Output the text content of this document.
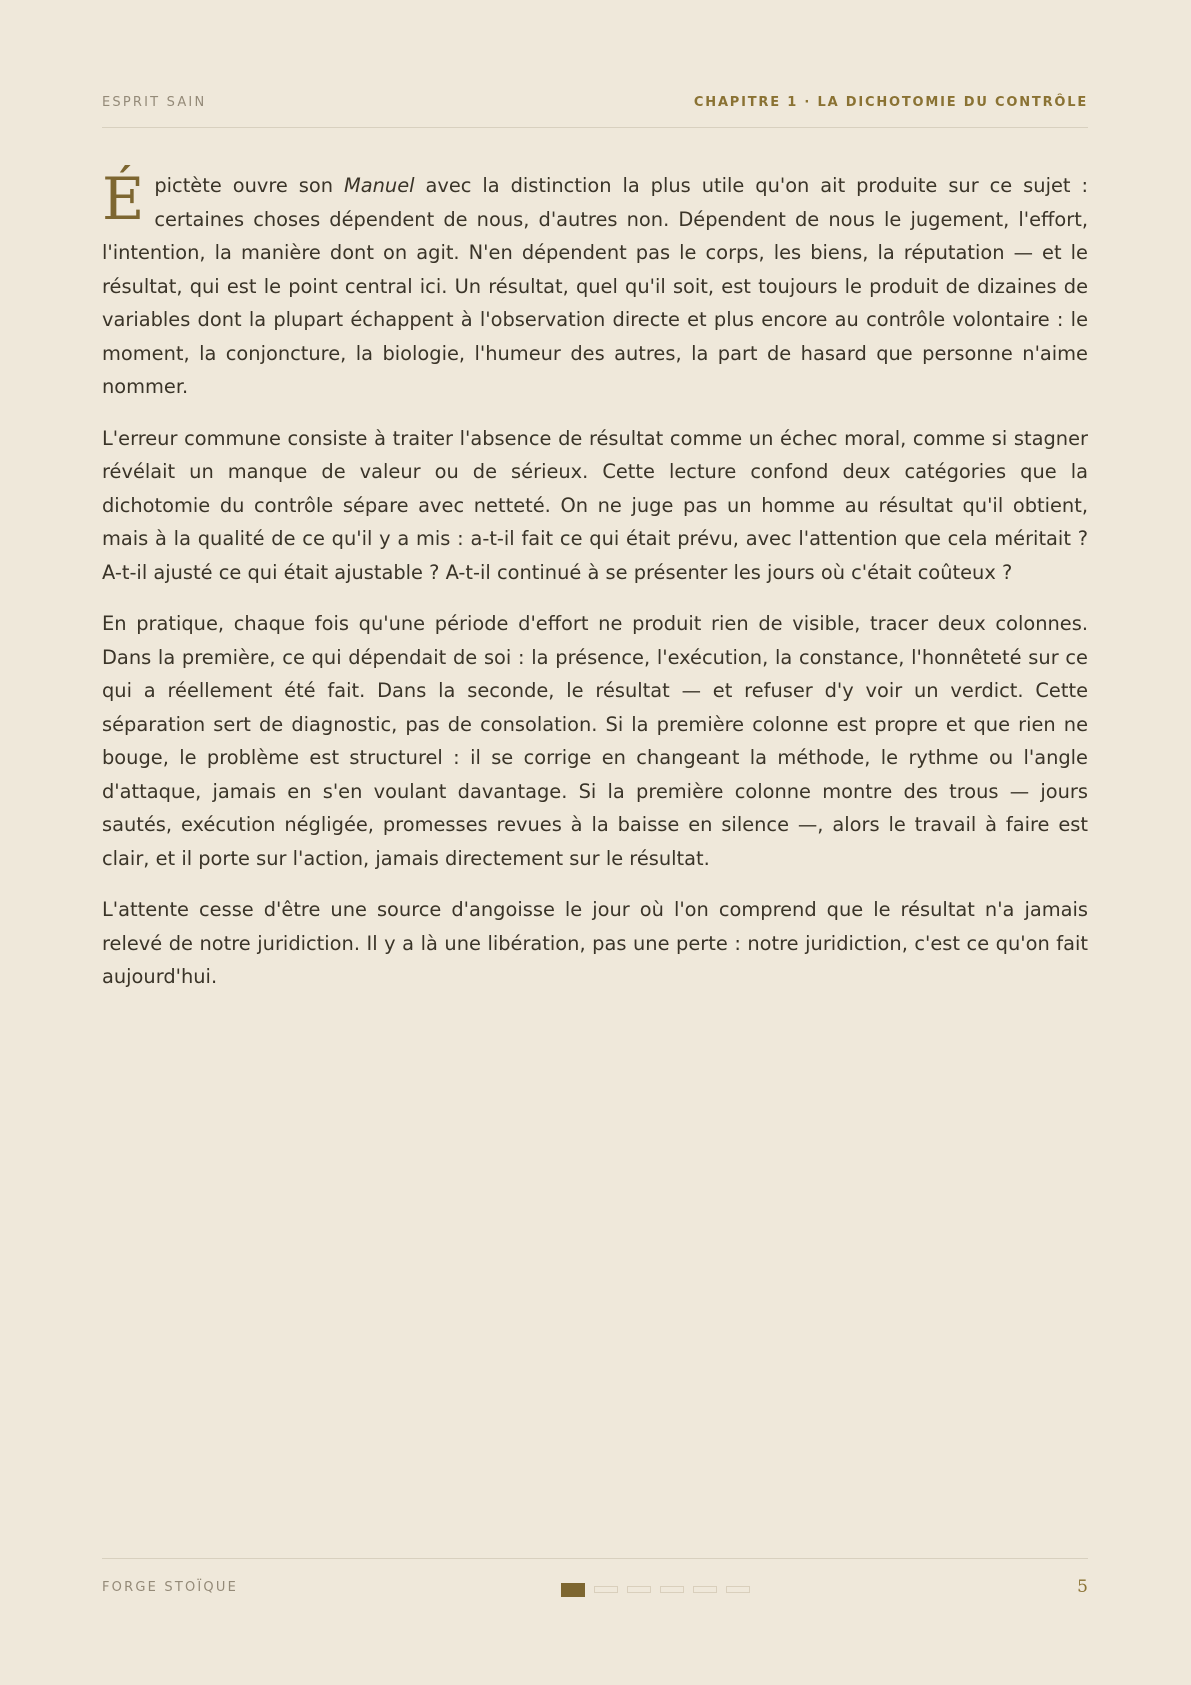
ESPRIT SAIN	CHAPITRE 1 · LA DICHOTOMIE DU CONTRÔLE

Épictète ouvre son Manuel avec la distinction la plus utile qu'on ait produite sur ce sujet : certaines choses dépendent de nous, d'autres non. Dépendent de nous le jugement, l'effort, l'intention, la manière dont on agit. N'en dépendent pas le corps, les biens, la réputation — et le résultat, qui est le point central ici. Un résultat, quel qu'il soit, est toujours le produit de dizaines de variables dont la plupart échappent à l'observation directe et plus encore au contrôle volontaire : le moment, la conjoncture, la biologie, l'humeur des autres, la part de hasard que personne n'aime nommer.

L'erreur commune consiste à traiter l'absence de résultat comme un échec moral, comme si stagner révélait un manque de valeur ou de sérieux. Cette lecture confond deux catégories que la dichotomie du contrôle sépare avec netteté. On ne juge pas un homme au résultat qu'il obtient, mais à la qualité de ce qu'il y a mis : a-t-il fait ce qui était prévu, avec l'attention que cela méritait ? A-t-il ajusté ce qui était ajustable ? A-t-il continué à se présenter les jours où c'était coûteux ?

En pratique, chaque fois qu'une période d'effort ne produit rien de visible, tracer deux colonnes. Dans la première, ce qui dépendait de soi : la présence, l'exécution, la constance, l'honnêteté sur ce qui a réellement été fait. Dans la seconde, le résultat — et refuser d'y voir un verdict. Cette séparation sert de diagnostic, pas de consolation. Si la première colonne est propre et que rien ne bouge, le problème est structurel : il se corrige en changeant la méthode, le rythme ou l'angle d'attaque, jamais en s'en voulant davantage. Si la première colonne montre des trous — jours sautés, exécution négligée, promesses revues à la baisse en silence —, alors le travail à faire est clair, et il porte sur l'action, jamais directement sur le résultat.

L'attente cesse d'être une source d'angoisse le jour où l'on comprend que le résultat n'a jamais relevé de notre juridiction. Il y a là une libération, pas une perte : notre juridiction, c'est ce qu'on fait aujourd'hui.

FORGE STOÏQUE	5
